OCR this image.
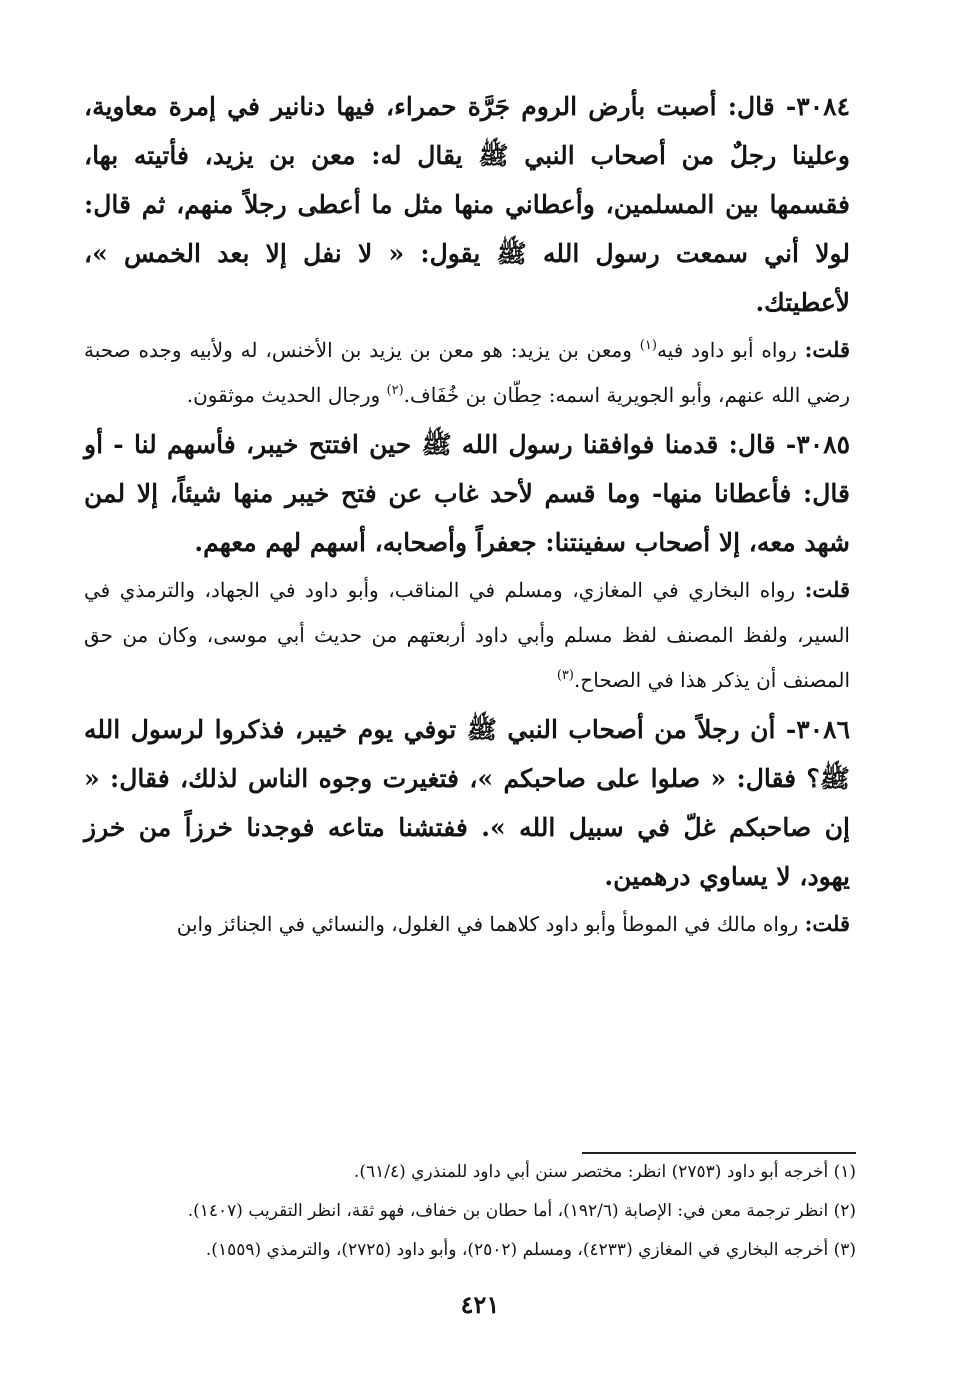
٣٠٨٤- قال: أصبت بأرض الروم جَرَّة حمراء، فيها دنانير في إمرة معاوية، وعلينا رجلٌ من أصحاب النبي ﷺ يقال له: معن بن يزيد، فأتيته بها، فقسمها بين المسلمين، وأعطاني منها مثل ما أعطى رجلاً منهم، ثم قال: لولا أني سمعت رسول الله ﷺ يقول: « لا نفل إلا بعد الخمس »، لأعطيتك.

قلت: رواه أبو داود فيه$^{(١)}$ ومعن بن يزيد: هو معن بن يزيد بن الأخنس، له ولأبيه وجده صحبة رضي الله عنهم، وأبو الجويرية اسمه: حِطّان بن خُفَاف.$^{(٢)}$ ورجال الحديث موثقون.

٣٠٨٥- قال: قدمنا فوافقنا رسول الله ﷺ حين افتتح خيبر، فأسهم لنا - أو قال: فأعطانا منها- وما قسم لأحد غاب عن فتح خيبر منها شيئاً، إلا لمن شهد معه، إلا أصحاب سفينتنا: جعفراً وأصحابه، أسهم لهم معهم.

قلت: رواه البخاري في المغازي، ومسلم في المناقب، وأبو داود في الجهاد، والترمذي في السير، ولفظ المصنف لفظ مسلم وأبي داود أربعتهم من حديث أبي موسى، وكان من حق المصنف أن يذكر هذا في الصحاح.$^{(٣)}$

٣٠٨٦- أن رجلاً من أصحاب النبي ﷺ توفي يوم خيبر، فذكروا لرسول الله ﷺ؟ فقال: « صلوا على صاحبكم »، فتغيرت وجوه الناس لذلك، فقال: « إن صاحبكم غلّ في سبيل الله ». ففتشنا متاعه فوجدنا خرزاً من خرز يهود، لا يساوي درهمين.

قلت: رواه مالك في الموطأ وأبو داود كلاهما في الغلول، والنسائي في الجنائز وابن

(١) أخرجه أبو داود (٢٧٥٣) انظر: مختصر سنن أبي داود للمنذري (٦١/٤).

(٢) انظر ترجمة معن في: الإصابة (١٩٢/٦)، أما حطان بن خفاف، فهو ثقة، انظر التقريب (١٤٠٧).

(٣) أخرجه البخاري في المغازي (٤٢٣٣)، ومسلم (٢٥٠٢)، وأبو داود (٢٧٢٥)، والترمذي (١٥٥٩).

٤٢١
